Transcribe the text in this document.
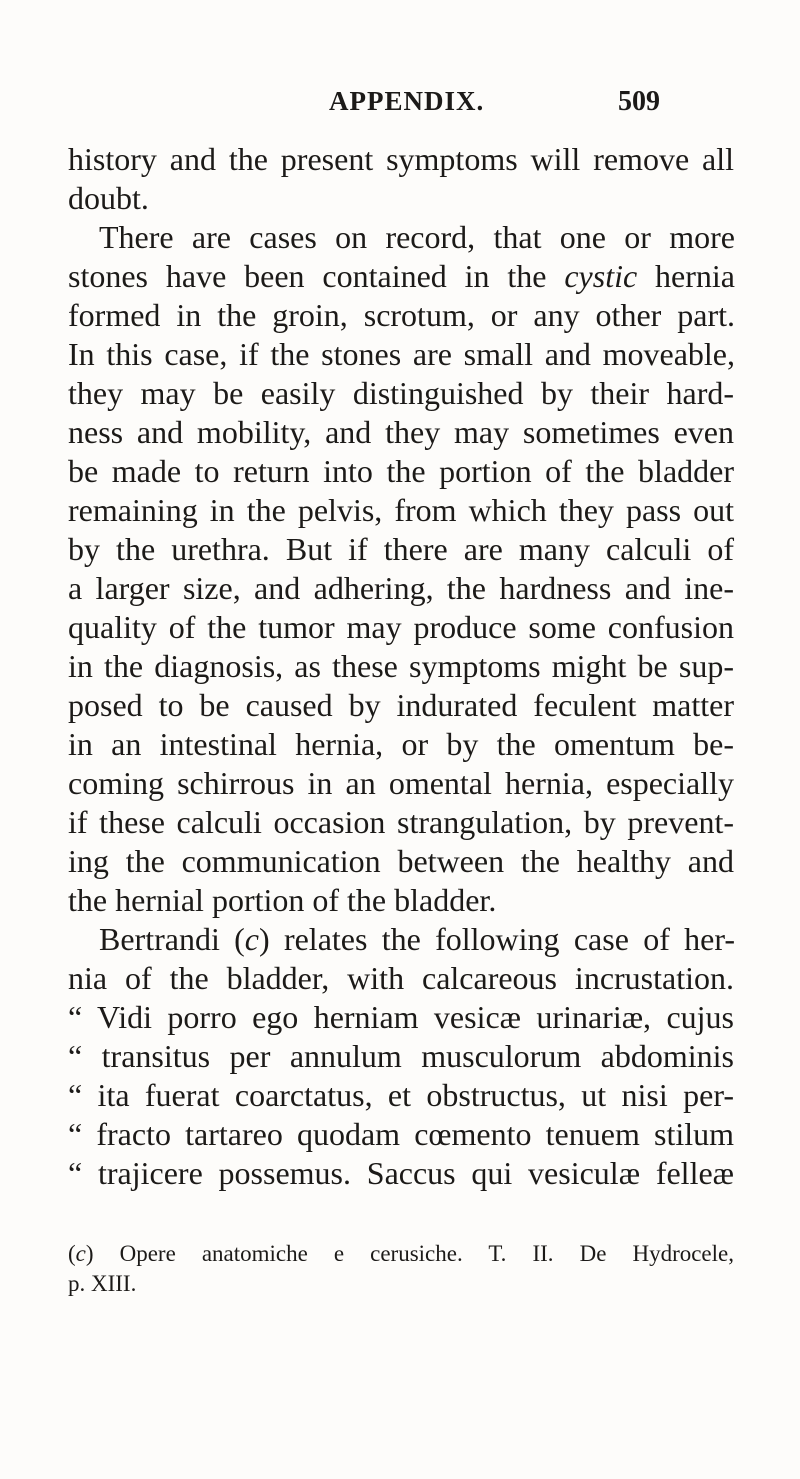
APPENDIX.	509
history and the present symptoms will remove all
doubt.
There are cases on record, that one or more
stones have been contained in the cystic hernia
formed in the groin, scrotum, or any other part.
In this case, if the stones are small and moveable,
they may be easily distinguished by their hard-
ness and mobility, and they may sometimes even
be made to return into the portion of the bladder
remaining in the pelvis, from which they pass out
by the urethra. But if there are many calculi of
a larger size, and adhering, the hardness and ine-
quality of the tumor may produce some confusion
in the diagnosis, as these symptoms might be sup-
posed to be caused by indurated feculent matter
in an intestinal hernia, or by the omentum be-
coming schirrous in an omental hernia, especially
if these calculi occasion strangulation, by prevent-
ing the communication between the healthy and
the hernial portion of the bladder.
Bertrandi (c) relates the following case of her-
nia of the bladder, with calcareous incrustation.
“ Vidi porro ego herniam vesicæ urinariæ, cujus
“ transitus per annulum musculorum abdominis
“ ita fuerat coarctatus, et obstructus, ut nisi per-
“ fracto tartareo quodam cœmento tenuem stilum
“ trajicere possemus. Saccus qui vesiculæ felleæ
(c) Opere anatomiche e cerusiche. T. II. De Hydrocele,
p. XIII.
